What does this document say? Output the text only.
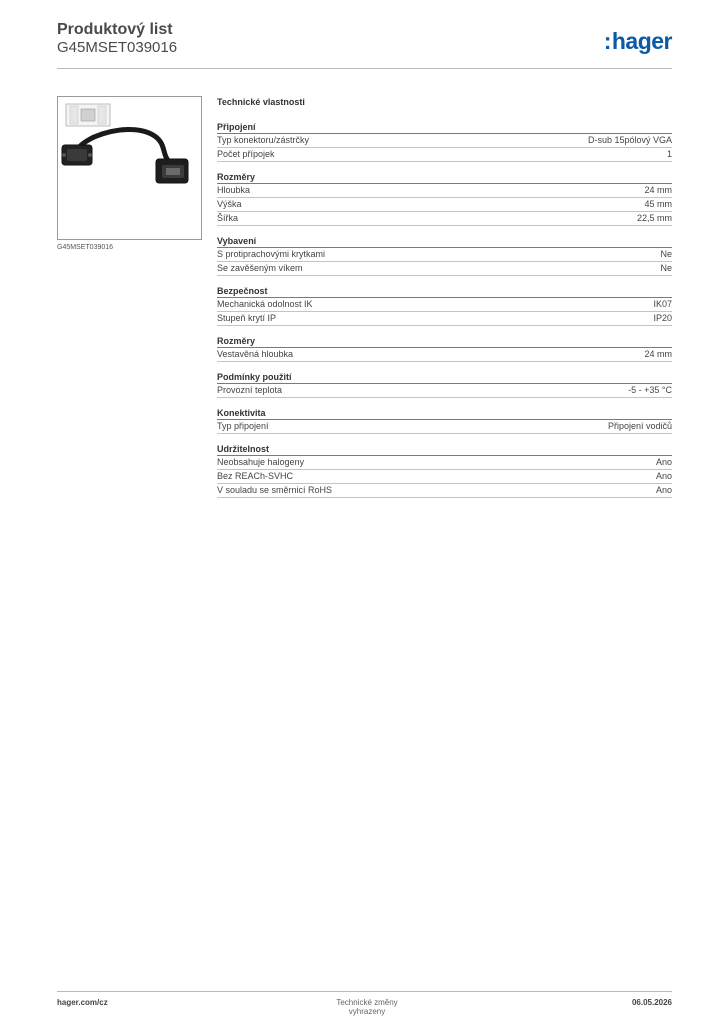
Produktový list
G45MSET039016	:hager
G45MSET039016
Technické vlastnosti
Připojení
Typ konektoru/zástrčky	D-sub 15pólový VGA
Počet přípojek	1
Rozměry
Hloubka	24 mm
Výška	45 mm
Šířka	22,5 mm
Vybavení
S protiprachovými krytkami	Ne
Se zavěšeným víkem	Ne
Bezpečnost
Mechanická odolnost IK	IK07
Stupeň krytí IP	IP20
Rozměry
Vestavěná hloubka	24 mm
Podmínky použití
Provozní teplota	-5 - +35 °C
Konektivita
Typ připojení	Připojení vodičů
Udržitelnost
Neobsahuje halogeny	Ano
Bez REACh-SVHC	Ano
V souladu se směrnicí RoHS	Ano
hager.com/cz	Technické změny vyhrazeny
06.05.2026
